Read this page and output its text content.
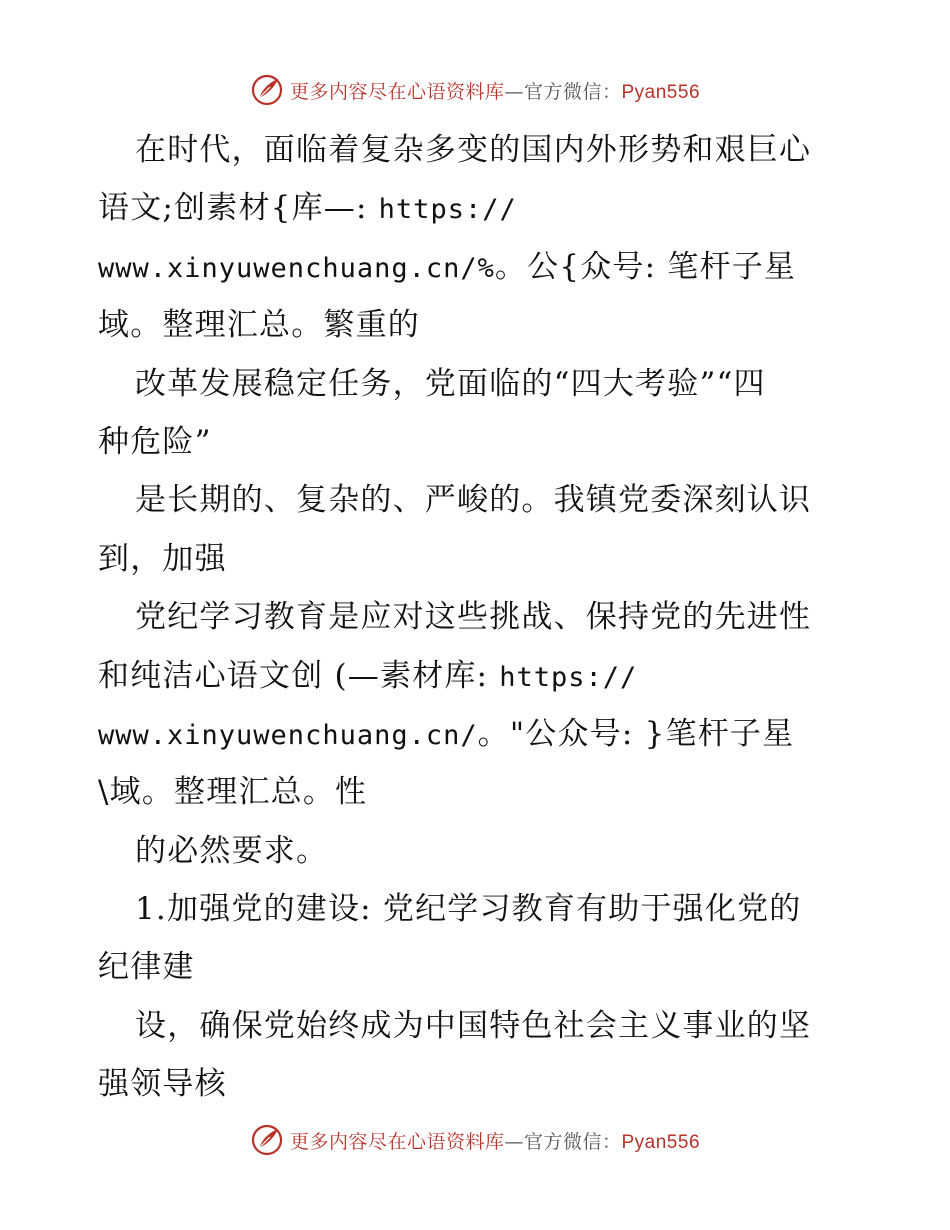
更多内容尽在心语资料库—官方微信：Pyan556
在时代，面临着复杂多变的国内外形势和艰巨心
语文;创素材{库—: https://
www.xinyuwenchuang.cn/%。公{众号: 笔杆子星
域。整理汇总。繁重的
改革发展稳定任务，党面临的“四大考验”“四
种危险”
是长期的、复杂的、严峻的。我镇党委深刻认识
到，加强
党纪学习教育是应对这些挑战、保持党的先进性
和纯洁心语文创 (—素材库: https://
www.xinyuwenchuang.cn/。"公众号: }笔杆子星
\域。整理汇总。性
的必然要求。
1.加强党的建设: 党纪学习教育有助于强化党的
纪律建
设，确保党始终成为中国特色社会主义事业的坚
强领导核
更多内容尽在心语资料库—官方微信：Pyan556
